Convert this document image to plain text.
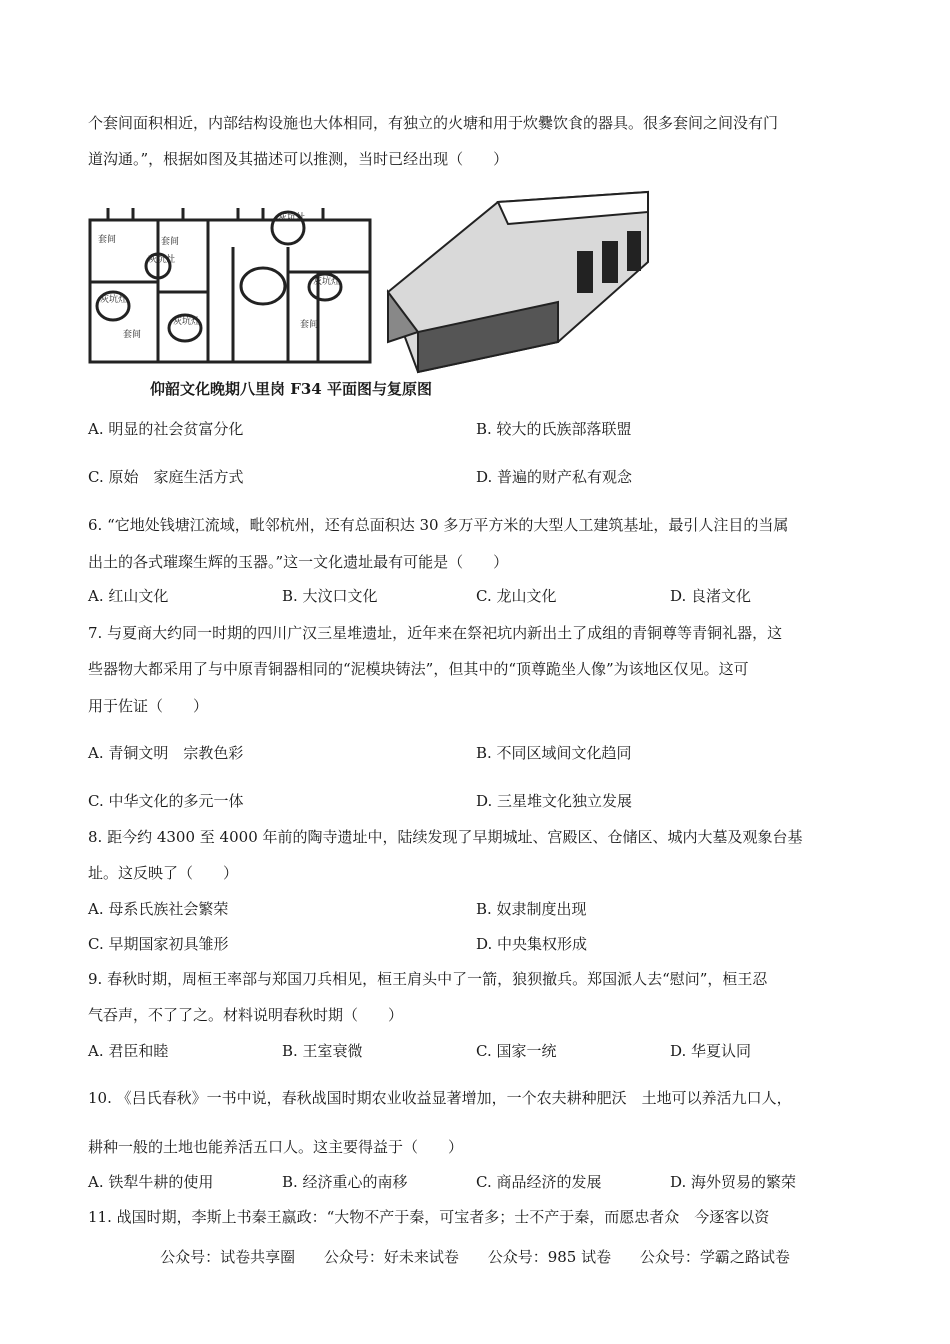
个套间面积相近，内部结构设施也大体相同，有独立的火塘和用于炊爨饮食的器具。很多套间之间没有门
道沟通。”，根据如图及其描述可以推测，当时已经出现（　　）
套间	套间
灰坑灶
灰坑灶
灰坑灶
灰坑灶
灰坑灶
套间
套间
仰韶文化晚期八里岗 F34 平面图与复原图
A. 明显的社会贫富分化	B. 较大的氏族部落联盟
C. 原始　家庭生活方式	D. 普遍的财产私有观念
6. “它地处钱塘江流域，毗邻杭州，还有总面积达 30 多万平方米的大型人工建筑基址，最引人注目的当属
出土的各式璀璨生辉的玉器。”这一文化遗址最有可能是（　　）
A. 红山文化	B. 大汶口文化	C. 龙山文化	D. 良渚文化
7. 与夏商大约同一时期的四川广汉三星堆遗址，近年来在祭祀坑内新出土了成组的青铜尊等青铜礼器，这
些器物大都采用了与中原青铜器相同的“泥模块铸法”，但其中的“顶尊跪坐人像”为该地区仅见。这可
用于佐证（　　）
A. 青铜文明　宗教色彩	B. 不同区域间文化趋同
C. 中华文化的多元一体	D. 三星堆文化独立发展
8. 距今约 4300 至 4000 年前的陶寺遗址中，陆续发现了早期城址、宫殿区、仓储区、城内大墓及观象台基
址。这反映了（　　）
A. 母系氏族社会繁荣	B. 奴隶制度出现
C. 早期国家初具雏形	D. 中央集权形成
9. 春秋时期，周桓王率部与郑国刀兵相见，桓王肩头中了一箭，狼狈撤兵。郑国派人去“慰问”，桓王忍
气吞声，不了了之。材料说明春秋时期（　　）
A. 君臣和睦	B. 王室衰微	C. 国家一统	D. 华夏认同
10. 《吕氏春秋》一书中说，春秋战国时期农业收益显著增加，一个农夫耕种肥沃　土地可以养活九口人，
耕种一般的土地也能养活五口人。这主要得益于（　　）
A. 铁犁牛耕的使用	B. 经济重心的南移	C. 商品经济的发展	D. 海外贸易的繁荣
11. 战国时期，李斯上书秦王嬴政：“大物不产于秦，可宝者多；士不产于秦，而愿忠者众　今逐客以资
公众号：试卷共享圈 公众号：好未来试卷 公众号：985 试卷 公众号：学霸之路试卷
